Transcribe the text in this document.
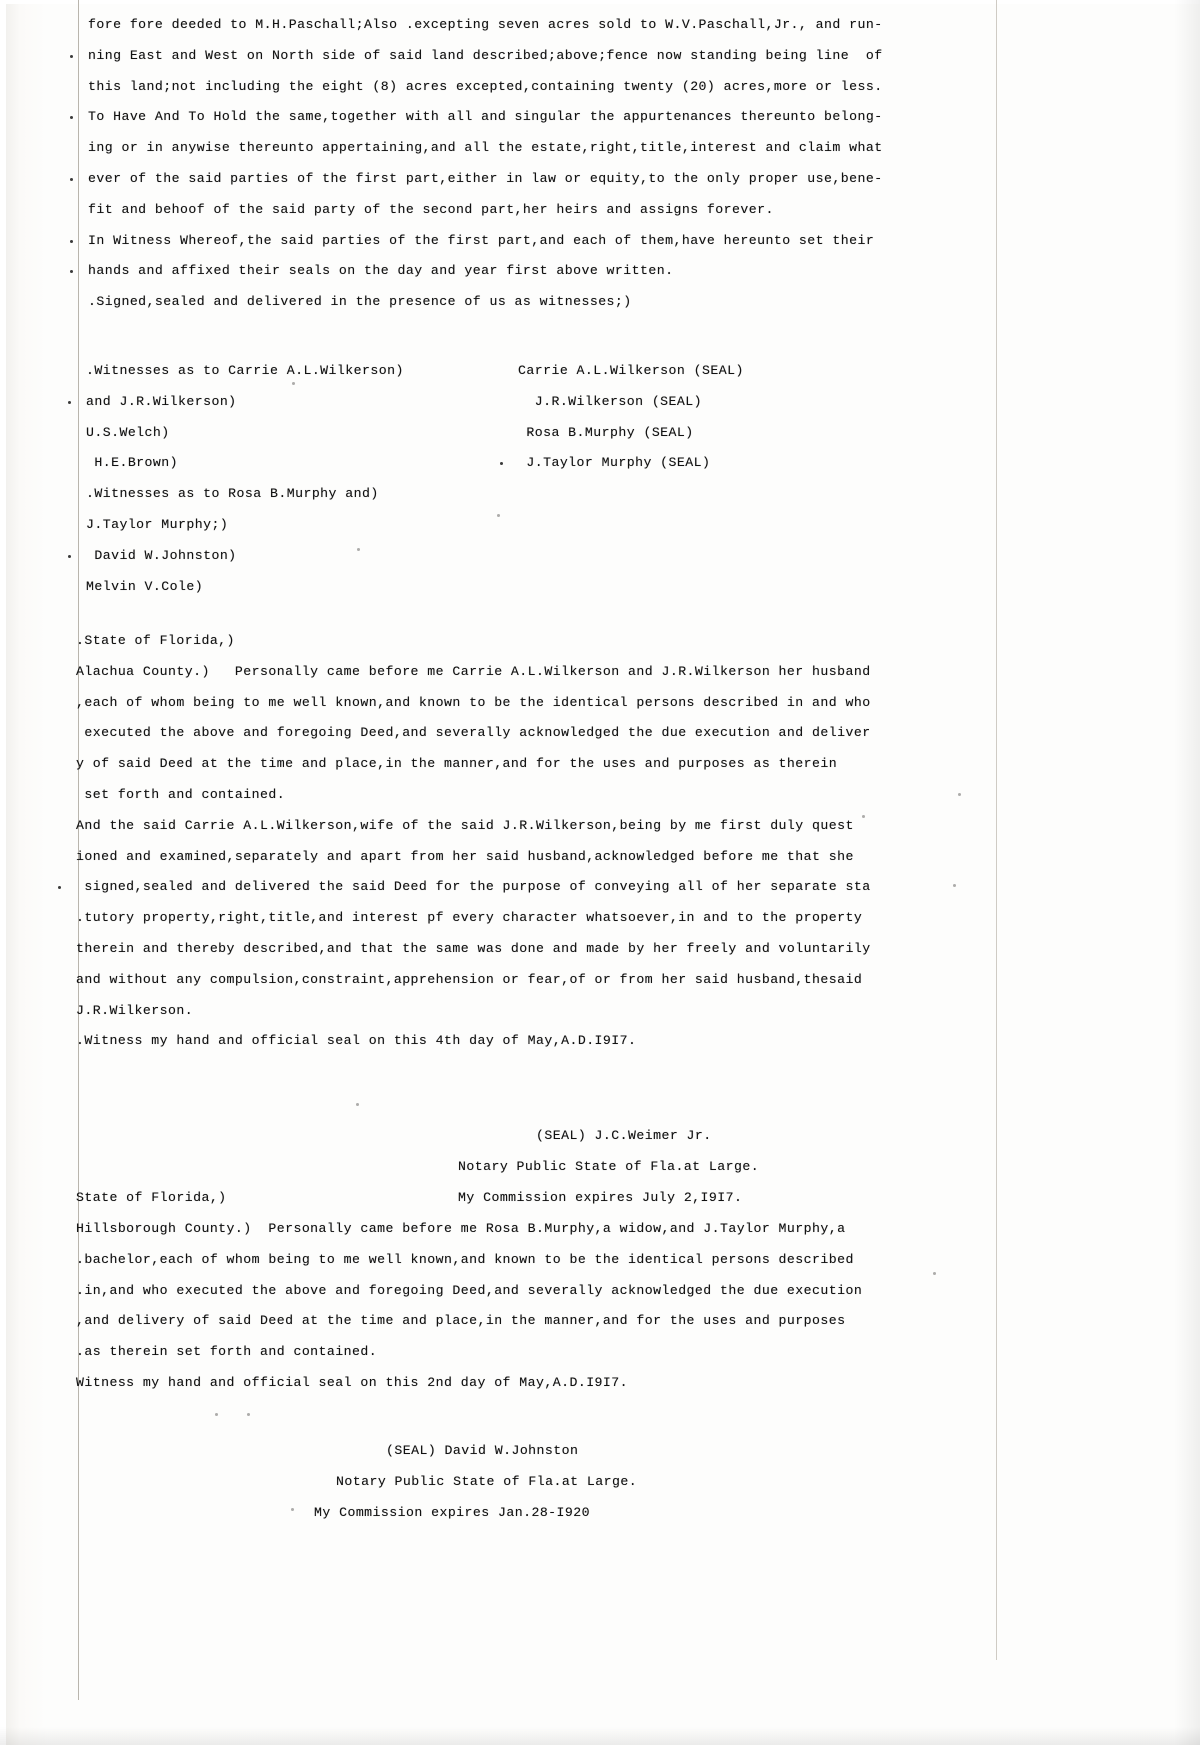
fore fore deeded to M.H.Paschall;Also .excepting seven acres sold to W.V.Paschall,Jr., and run-
ning East and West on North side of said land described;above;fence now standing being line  of
this land;not including the eight (8) acres excepted,containing twenty (20) acres,more or less.
To Have And To Hold the same,together with all and singular the appurtenances thereunto belong-
ing or in anywise thereunto appertaining,and all the estate,right,title,interest and claim what
ever of the said parties of the first part,either in law or equity,to the only proper use,bene-
fit and behoof of the said party of the second part,her heirs and assigns forever.
In Witness Whereof,the said parties of the first part,and each of them,have hereunto set their
hands and affixed their seals on the day and year first above written.
.Signed,sealed and delivered in the presence of us as witnesses;)
.Witnesses as to Carrie A.L.Wilkerson)
and J.R.Wilkerson)
U.S.Welch)
H.E.Brown)
.Witnesses as to Rosa B.Murphy and)
J.Taylor Murphy;)
David W.Johnston)
Melvin V.Cole)
Carrie A.L.Wilkerson (SEAL)
J.R.Wilkerson (SEAL)
Rosa B.Murphy (SEAL)
J.Taylor Murphy (SEAL)
.State of Florida,)
Alachua County.)   Personally came before me Carrie A.L.Wilkerson and J.R.Wilkerson her husband
,each of whom being to me well known,and known to be the identical persons described in and who
executed the above and foregoing Deed,and severally acknowledged the due execution and deliver
y of said Deed at the time and place,in the manner,and for the uses and purposes as therein
set forth and contained.
And the said Carrie A.L.Wilkerson,wife of the said J.R.Wilkerson,being by me first duly quest
ioned and examined,separately and apart from her said husband,acknowledged before me that she
signed,sealed and delivered the said Deed for the purpose of conveying all of her separate sta
.tutory property,right,title,and interest pf every character whatsoever,in and to the property
therein and thereby described,and that the same was done and made by her freely and voluntarily
and without any compulsion,constraint,apprehension or fear,of or from her said husband,thesaid
J.R.Wilkerson.
.Witness my hand and official seal on this 4th day of May,A.D.I9I7.
(SEAL) J.C.Weimer Jr.
Notary Public State of Fla.at Large.
My Commission expires July 2,I9I7.
State of Florida,)
Hillsborough County.)  Personally came before me Rosa B.Murphy,a widow,and J.Taylor Murphy,a
.bachelor,each of whom being to me well known,and known to be the identical persons described
.in,and who executed the above and foregoing Deed,and severally acknowledged the due execution
,and delivery of said Deed at the time and place,in the manner,and for the uses and purposes
.as therein set forth and contained.
Witness my hand and official seal on this 2nd day of May,A.D.I9I7.
(SEAL) David W.Johnston
Notary Public State of Fla.at Large.
My Commission expires Jan.28-I920
